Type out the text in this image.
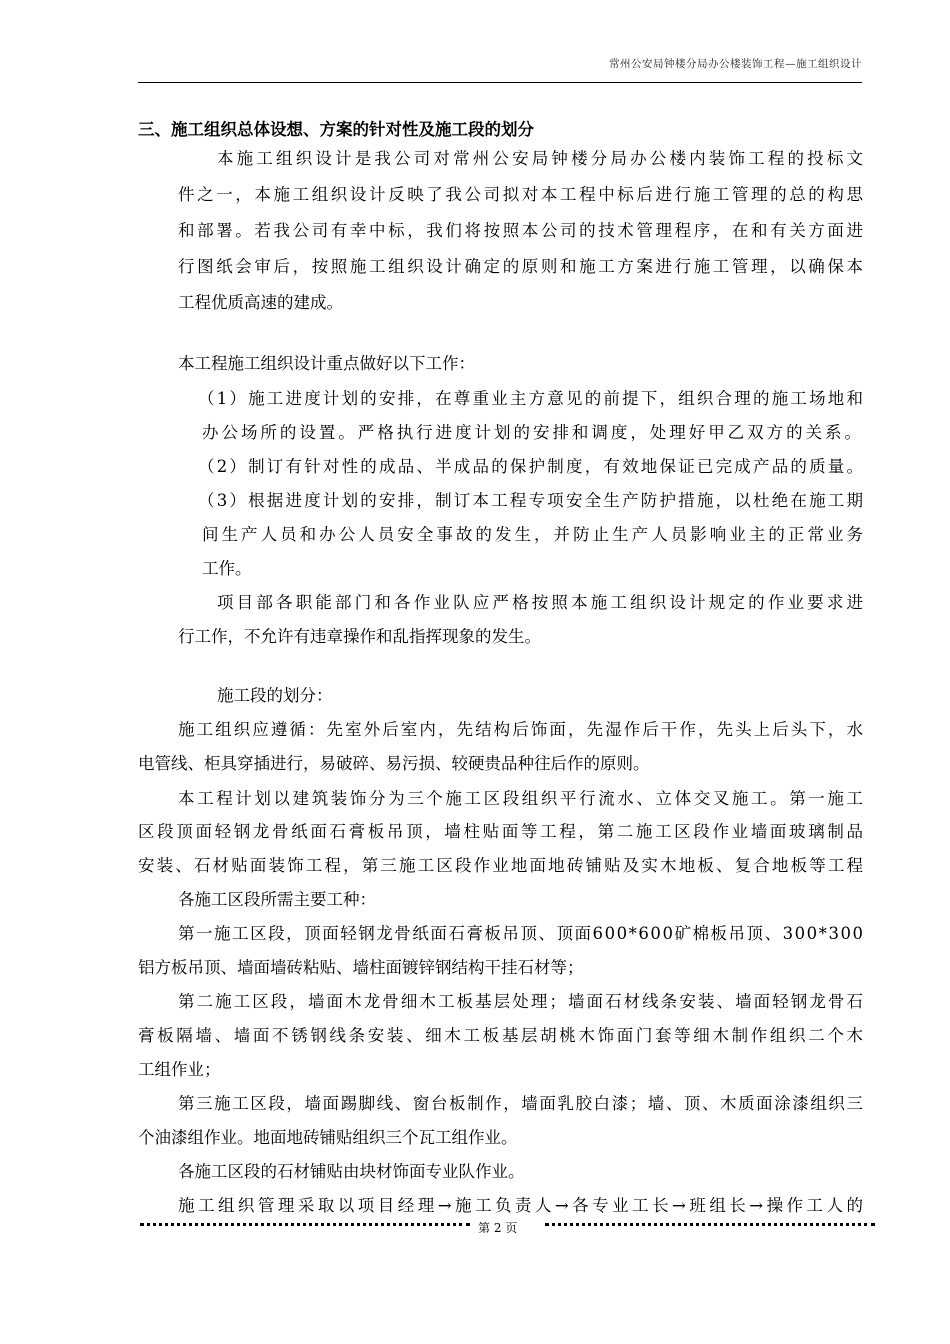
常州公安局钟楼分局办公楼装饰工程—施工组织设计
三、施工组织总体设想、方案的针对性及施工段的划分
本施工组织设计是我公司对常州公安局钟楼分局办公楼内装饰工程的投标文
件之一，本施工组织设计反映了我公司拟对本工程中标后进行施工管理的总的构思
和部署。若我公司有幸中标，我们将按照本公司的技术管理程序，在和有关方面进
行图纸会审后，按照施工组织设计确定的原则和施工方案进行施工管理，以确保本
工程优质高速的建成。
本工程施工组织设计重点做好以下工作：
（1）施工进度计划的安排，在尊重业主方意见的前提下，组织合理的施工场地和
办公场所的设置。严格执行进度计划的安排和调度，处理好甲乙双方的关系。
（2）制订有针对性的成品、半成品的保护制度，有效地保证已完成产品的质量。
（3）根据进度计划的安排，制订本工程专项安全生产防护措施，以杜绝在施工期
间生产人员和办公人员安全事故的发生，并防止生产人员影响业主的正常业务
工作。
项目部各职能部门和各作业队应严格按照本施工组织设计规定的作业要求进
行工作，不允许有违章操作和乱指挥现象的发生。
施工段的划分：
施工组织应遵循：先室外后室内，先结构后饰面，先湿作后干作，先头上后头下，水
电管线、柜具穿插进行，易破碎、易污损、较硬贵品种往后作的原则。
本工程计划以建筑装饰分为三个施工区段组织平行流水、立体交叉施工。第一施工
区段顶面轻钢龙骨纸面石膏板吊顶，墙柱贴面等工程，第二施工区段作业墙面玻璃制品
安装、石材贴面装饰工程，第三施工区段作业地面地砖铺贴及实木地板、复合地板等工程
各施工区段所需主要工种：
第一施工区段，顶面轻钢龙骨纸面石膏板吊顶、顶面600*600矿棉板吊顶、300*300
铝方板吊顶、墙面墙砖粘贴、墙柱面镀锌钢结构干挂石材等；
第二施工区段，墙面木龙骨细木工板基层处理；墙面石材线条安装、墙面轻钢龙骨石
膏板隔墙、墙面不锈钢线条安装、细木工板基层胡桃木饰面门套等细木制作组织二个木
工组作业；
第三施工区段，墙面踢脚线、窗台板制作，墙面乳胶白漆；墙、顶、木质面涂漆组织三
个油漆组作业。地面地砖铺贴组织三个瓦工组作业。
各施工区段的石材铺贴由块材饰面专业队作业。
施工组织管理采取以项目经理→施工负责人→各专业工长→班组长→操作工人的
第 2 页
